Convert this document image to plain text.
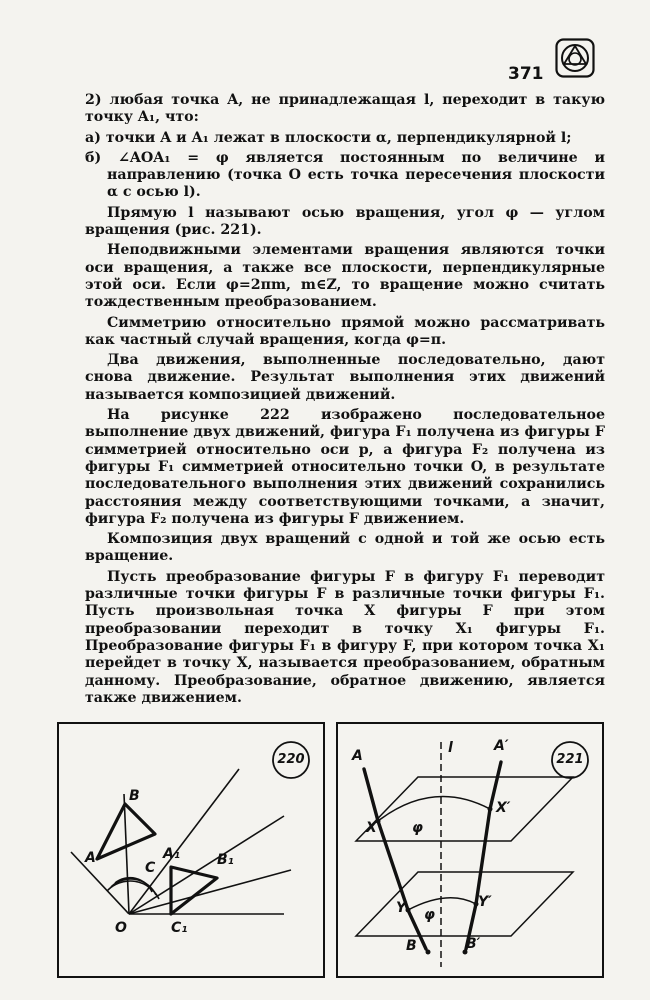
371

2) любая точка A, не принадлежащая l, переходит в такую точку A₁, что:

а) точки A и A₁ лежат в плоскости α, перпендикулярной l;

б) ∠AOA₁ = φ является постоянным по величине и направлению (точка O есть точка пересечения плоскости α с осью l).

Прямую l называют осью вращения, угол φ — углом вращения (рис. 221).

Неподвижными элементами вращения являются точки оси вращения, а также все плоскости, перпендикулярные этой оси. Если φ=2πm, m∈Z, то вращение можно считать тождественным преобразованием.

Симметрию относительно прямой можно рассматривать как частный случай вращения, когда φ=π.

Два движения, выполненные последовательно, дают снова движение. Результат выполнения этих движений называется композицией движений.

На рисунке 222 изображено последовательное выполнение двух движений, фигура F₁ получена из фигуры F симметрией относительно оси p, а фигура F₂ получена из фигуры F₁ симметрией относительно точки O, в результате последовательного выполнения этих движений сохранились расстояния между соответствующими точками, а значит, фигура F₂ получена из фигуры F движением.

Композиция двух вращений с одной и той же осью есть вращение.

Пусть преобразование фигуры F в фигуру F₁ переводит различные точки фигуры F в различные точки фигуры F₁. Пусть произвольная точка X фигуры F при этом преобразовании переходит в точку X₁ фигуры F₁. Преобразование фигуры F₁ в фигуру F, при котором точка X₁ перейдет в точку X, называется преобразованием, обратным данному. Преобразование, обратное движению, является также движением.

B
A
C
A₁	B₁
O	C₁
220	A	l	A′
X	φ
X′
Y φ
Y′
B	B′
221
